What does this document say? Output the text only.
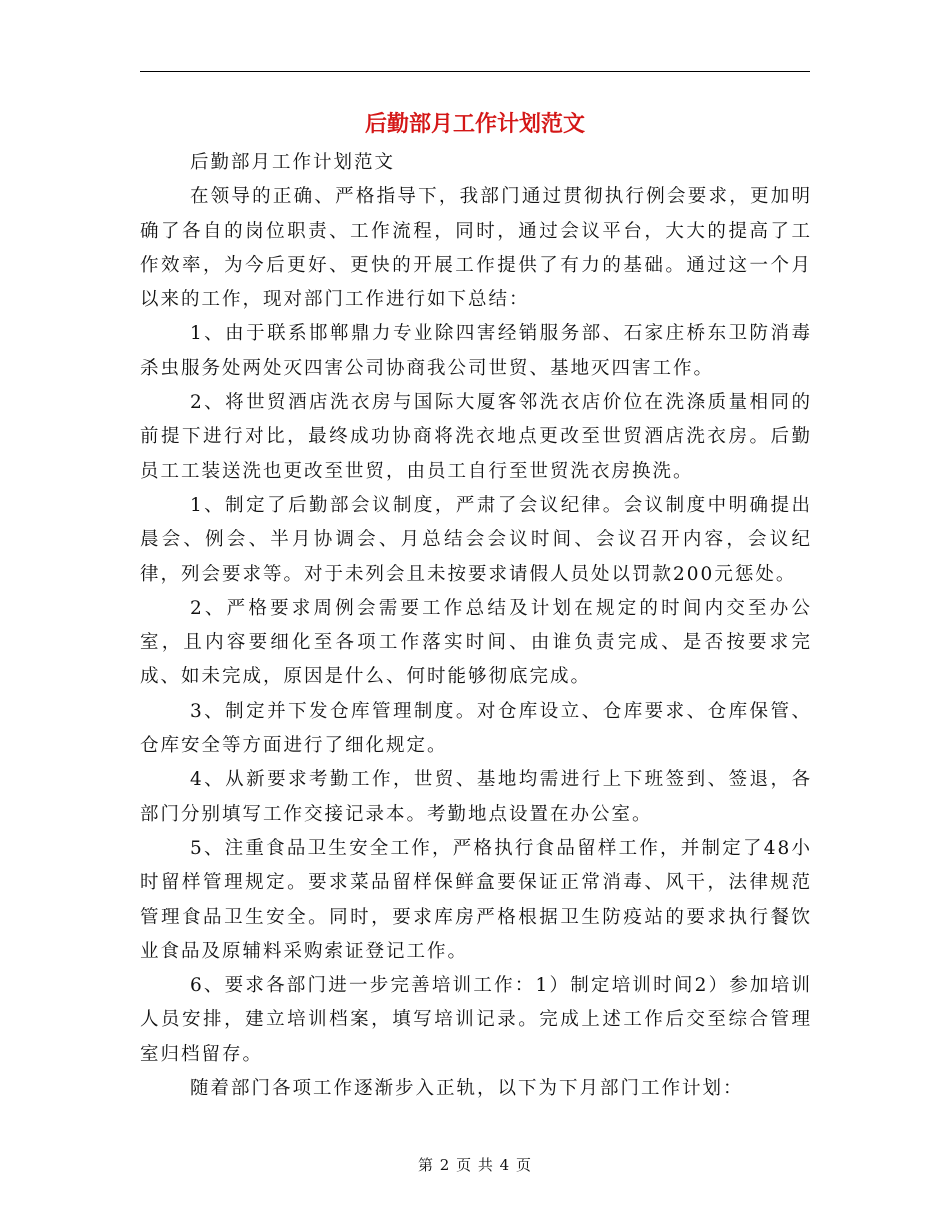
后勤部月工作计划范文

后勤部月工作计划范文

在领导的正确、严格指导下，我部门通过贯彻执行例会要求，更加明确了各自的岗位职责、工作流程，同时，通过会议平台，大大的提高了工作效率，为今后更好、更快的开展工作提供了有力的基础。通过这一个月以来的工作，现对部门工作进行如下总结：

1、由于联系邯郸鼎力专业除四害经销服务部、石家庄桥东卫防消毒杀虫服务处两处灭四害公司协商我公司世贸、基地灭四害工作。

2、将世贸酒店洗衣房与国际大厦客邻洗衣店价位在洗涤质量相同的前提下进行对比，最终成功协商将洗衣地点更改至世贸酒店洗衣房。后勤员工工装送洗也更改至世贸，由员工自行至世贸洗衣房换洗。

1、制定了后勤部会议制度，严肃了会议纪律。会议制度中明确提出晨会、例会、半月协调会、月总结会会议时间、会议召开内容，会议纪律，列会要求等。对于未列会且未按要求请假人员处以罚款200元惩处。

2、严格要求周例会需要工作总结及计划在规定的时间内交至办公室，且内容要细化至各项工作落实时间、由谁负责完成、是否按要求完成、如未完成，原因是什么、何时能够彻底完成。

3、制定并下发仓库管理制度。对仓库设立、仓库要求、仓库保管、仓库安全等方面进行了细化规定。

4、从新要求考勤工作，世贸、基地均需进行上下班签到、签退，各部门分别填写工作交接记录本。考勤地点设置在办公室。

5、注重食品卫生安全工作，严格执行食品留样工作，并制定了48小时留样管理规定。要求菜品留样保鲜盒要保证正常消毒、风干，法律规范管理食品卫生安全。同时，要求库房严格根据卫生防疫站的要求执行餐饮业食品及原辅料采购索证登记工作。

6、要求各部门进一步完善培训工作：1）制定培训时间2）参加培训人员安排，建立培训档案，填写培训记录。完成上述工作后交至综合管理室归档留存。

随着部门各项工作逐渐步入正轨，以下为下月部门工作计划：

第 2 页 共 4 页
